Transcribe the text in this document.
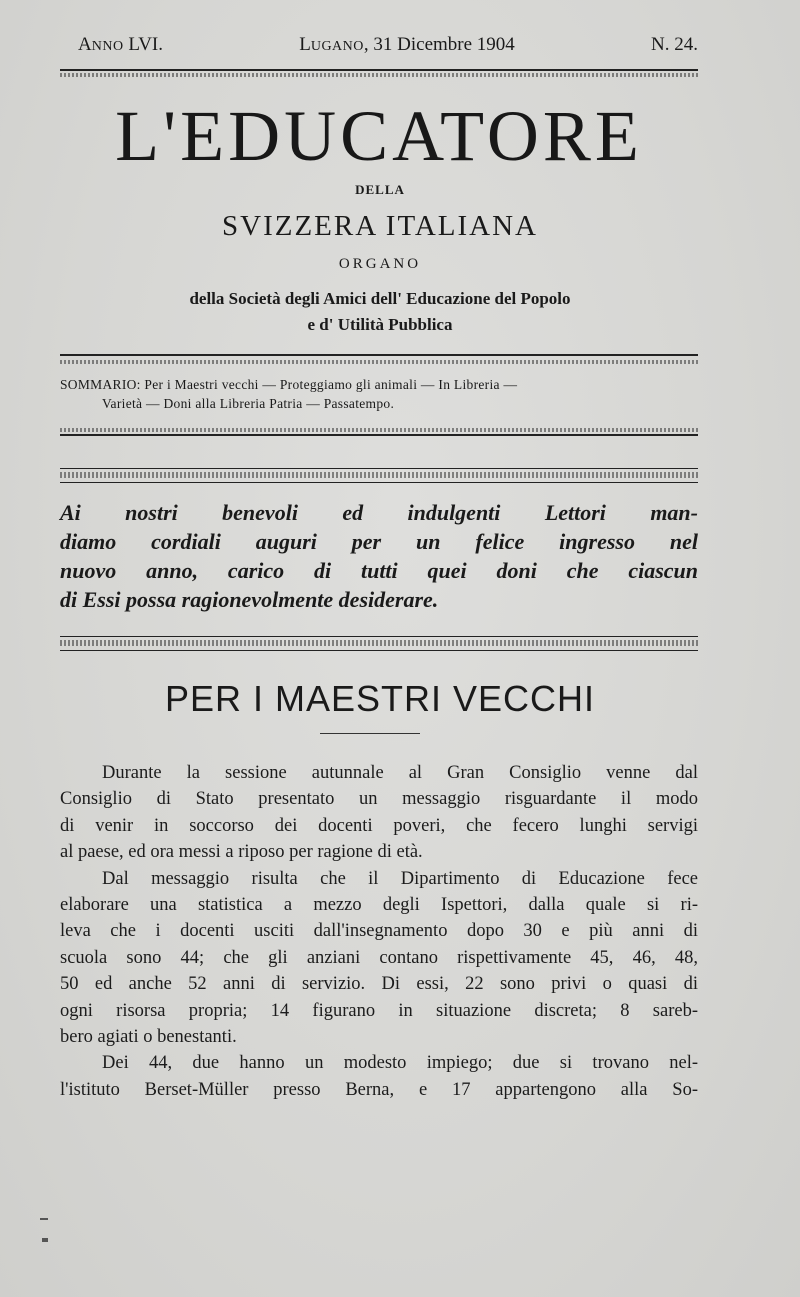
ANNO LVI.	LUGANO, 31 Dicembre 1904	N. 24.
L'EDUCATORE
DELLA
SVIZZERA ITALIANA
ORGANO
della Società degli Amici dell' Educazione del Popolo
e d' Utilità Pubblica
SOMMARIO: Per i Maestri vecchi — Proteggiamo gli animali — In Libreria —
Varietà — Doni alla Libreria Patria — Passatempo.
Ai nostri benevoli ed indulgenti Lettori man-
diamo cordiali auguri per un felice ingresso nel
nuovo anno, carico di tutti quei doni che ciascun
di Essi possa ragionevolmente desiderare.
PER I MAESTRI VECCHI
Durante la sessione autunnale al Gran Consiglio venne dal
Consiglio di Stato presentato un messaggio risguardante il modo
di venir in soccorso dei docenti poveri, che fecero lunghi servigi
al paese, ed ora messi a riposo per ragione di età.
Dal messaggio risulta che il Dipartimento di Educazione fece
elaborare una statistica a mezzo degli Ispettori, dalla quale si ri-
leva che i docenti usciti dall'insegnamento dopo 30 e più anni di
scuola sono 44; che gli anziani contano rispettivamente 45, 46, 48,
50 ed anche 52 anni di servizio. Di essi, 22 sono privi o quasi di
ogni risorsa propria; 14 figurano in situazione discreta; 8 sareb-
bero agiati o benestanti.
Dei 44, due hanno un modesto impiego; due si trovano nel-
l'istituto Berset-Müller presso Berna, e 17 appartengono alla So-
